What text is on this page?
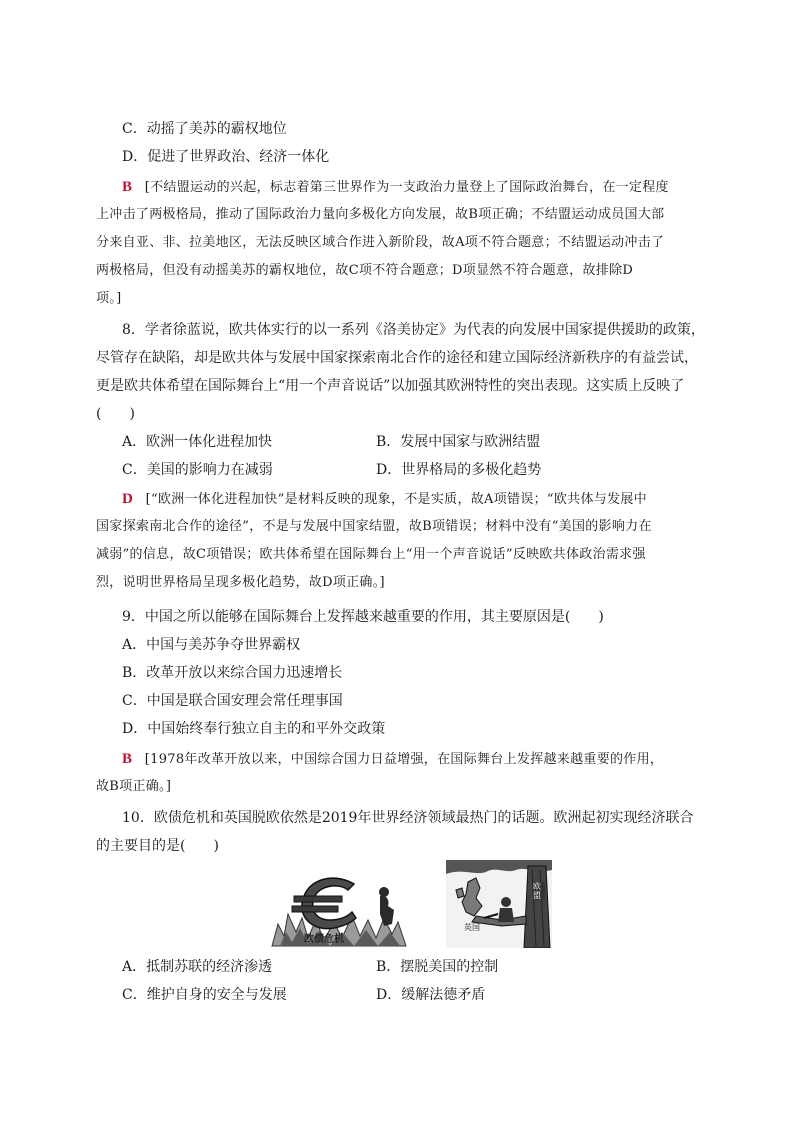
C．动摇了美苏的霸权地位
D．促进了世界政治、经济一体化
B [不结盟运动的兴起，标志着第三世界作为一支政治力量登上了国际政治舞台，在一定程度
上冲击了两极格局，推动了国际政治力量向多极化方向发展，故B项正确；不结盟运动成员国大部
分来自亚、非、拉美地区，无法反映区域合作进入新阶段，故A项不符合题意；不结盟运动冲击了
两极格局，但没有动摇美苏的霸权地位，故C项不符合题意；D项显然不符合题意，故排除D
项。]
8．学者徐蓝说，欧共体实行的以一系列《洛美协定》为代表的向发展中国家提供援助的政策，
尽管存在缺陷，却是欧共体与发展中国家探索南北合作的途径和建立国际经济新秩序的有益尝试，
更是欧共体希望在国际舞台上“用一个声音说话”以加强其欧洲特性的突出表现。这实质上反映了
(　　)
A．欧洲一体化进程加快	B．发展中国家与欧洲结盟
C．美国的影响力在减弱	D．世界格局的多极化趋势
D [“欧洲一体化进程加快”是材料反映的现象，不是实质，故A项错误；“欧共体与发展中
国家探索南北合作的途径”，不是与发展中国家结盟，故B项错误；材料中没有“美国的影响力在
减弱”的信息，故C项错误；欧共体希望在国际舞台上“用一个声音说话”反映欧共体政治需求强
烈，说明世界格局呈现多极化趋势，故D项正确。]
9．中国之所以能够在国际舞台上发挥越来越重要的作用，其主要原因是(　　)
A．中国与美苏争夺世界霸权
B．改革开放以来综合国力迅速增长
C．中国是联合国安理会常任理事国
D．中国始终奉行独立自主的和平外交政策
B [1978年改革开放以来，中国综合国力日益增强，在国际舞台上发挥越来越重要的作用，
故B项正确。]
10．欧债危机和英国脱欧依然是2019年世界经济领域最热门的话题。欧洲起初实现经济联合
的主要目的是(　　)
欧债危机
欧盟
英国
A．抵制苏联的经济渗透	B．摆脱美国的控制
C．维护自身的安全与发展	D．缓解法德矛盾
